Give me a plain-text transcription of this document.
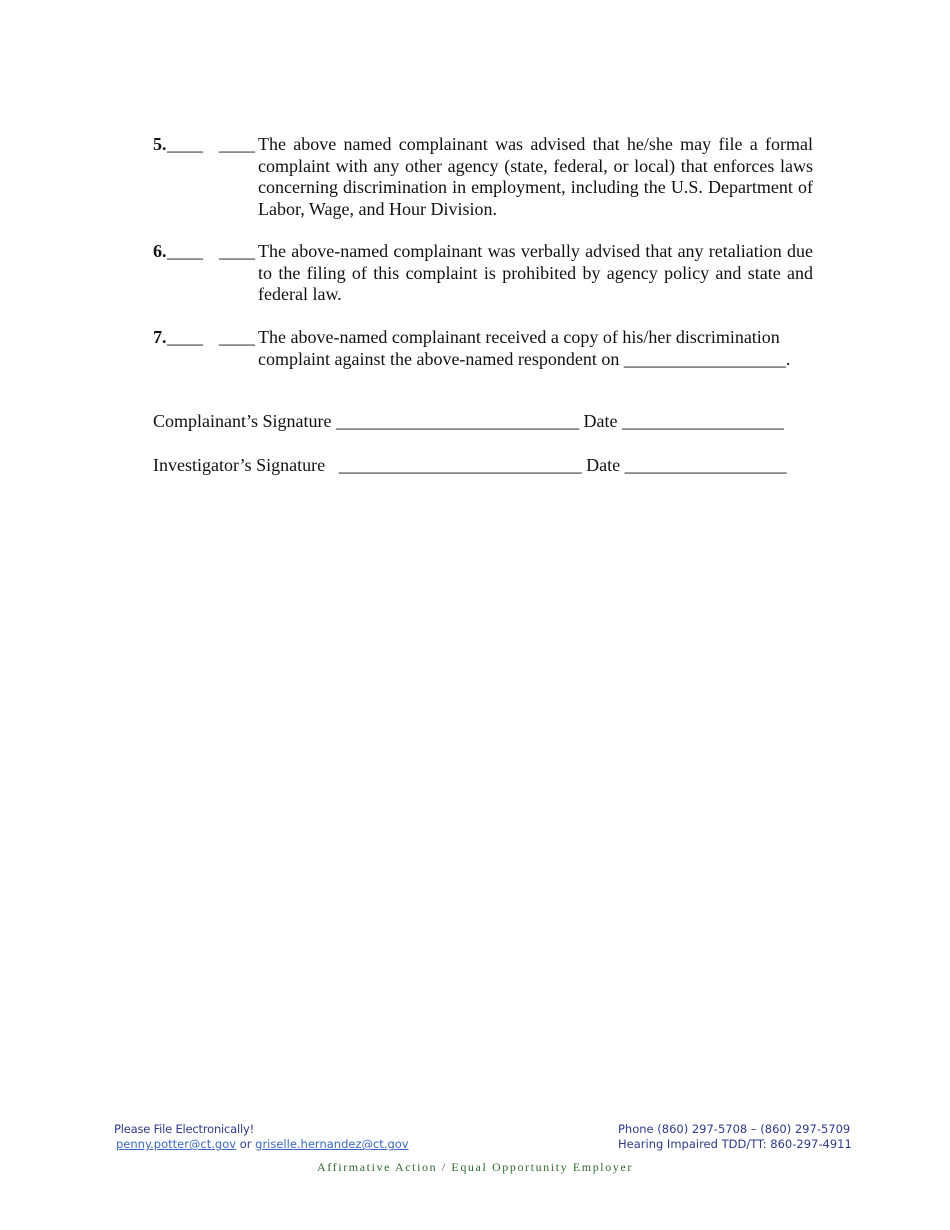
5. ____ ____ The above named complainant was advised that he/she may file a formal complaint with any other agency (state, federal, or local) that enforces laws concerning discrimination in employment, including the U.S. Department of Labor, Wage, and Hour Division.
6. ____ ____ The above-named complainant was verbally advised that any retaliation due to the filing of this complaint is prohibited by agency policy and state and federal law.
7. ____ ____ The above-named complainant received a copy of his/her discrimination complaint against the above-named respondent on __________________.
Complainant’s Signature ___________________________ Date __________________
Investigator’s Signature ___________________________ Date __________________
Please File Electronically!
penny.potter@ct.gov or griselle.hernandez@ct.gov
Phone (860) 297-5708 – (860) 297-5709
Hearing Impaired TDD/TT: 860-297-4911
Affirmative Action / Equal Opportunity Employer
